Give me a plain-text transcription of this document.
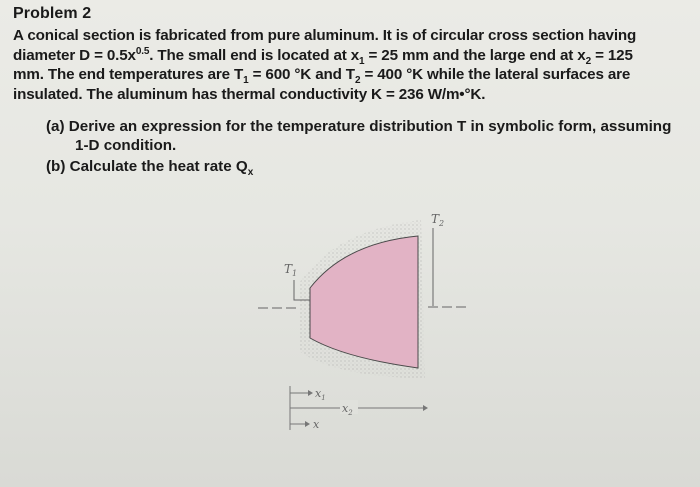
Problem 2
A conical section is fabricated from pure aluminum. It is of circular cross section having
diameter $D = 0.5x^{0.5}$. The small end is located at $x_1 = 25$ mm and the large end at $x_2 = 125$
mm. The end temperatures are $T_1 = 600$ °K and $T_2 = 400$ °K while the lateral surfaces are
insulated. The aluminum has thermal conductivity K = 236 W/m•°K.
(a) Derive an expression for the temperature distribution T in symbolic form, assuming
1-D condition.
(b) Calculate the heat rate $Q_x$
$T_1$
$T_2$
$x_1$
$x_2$
x
